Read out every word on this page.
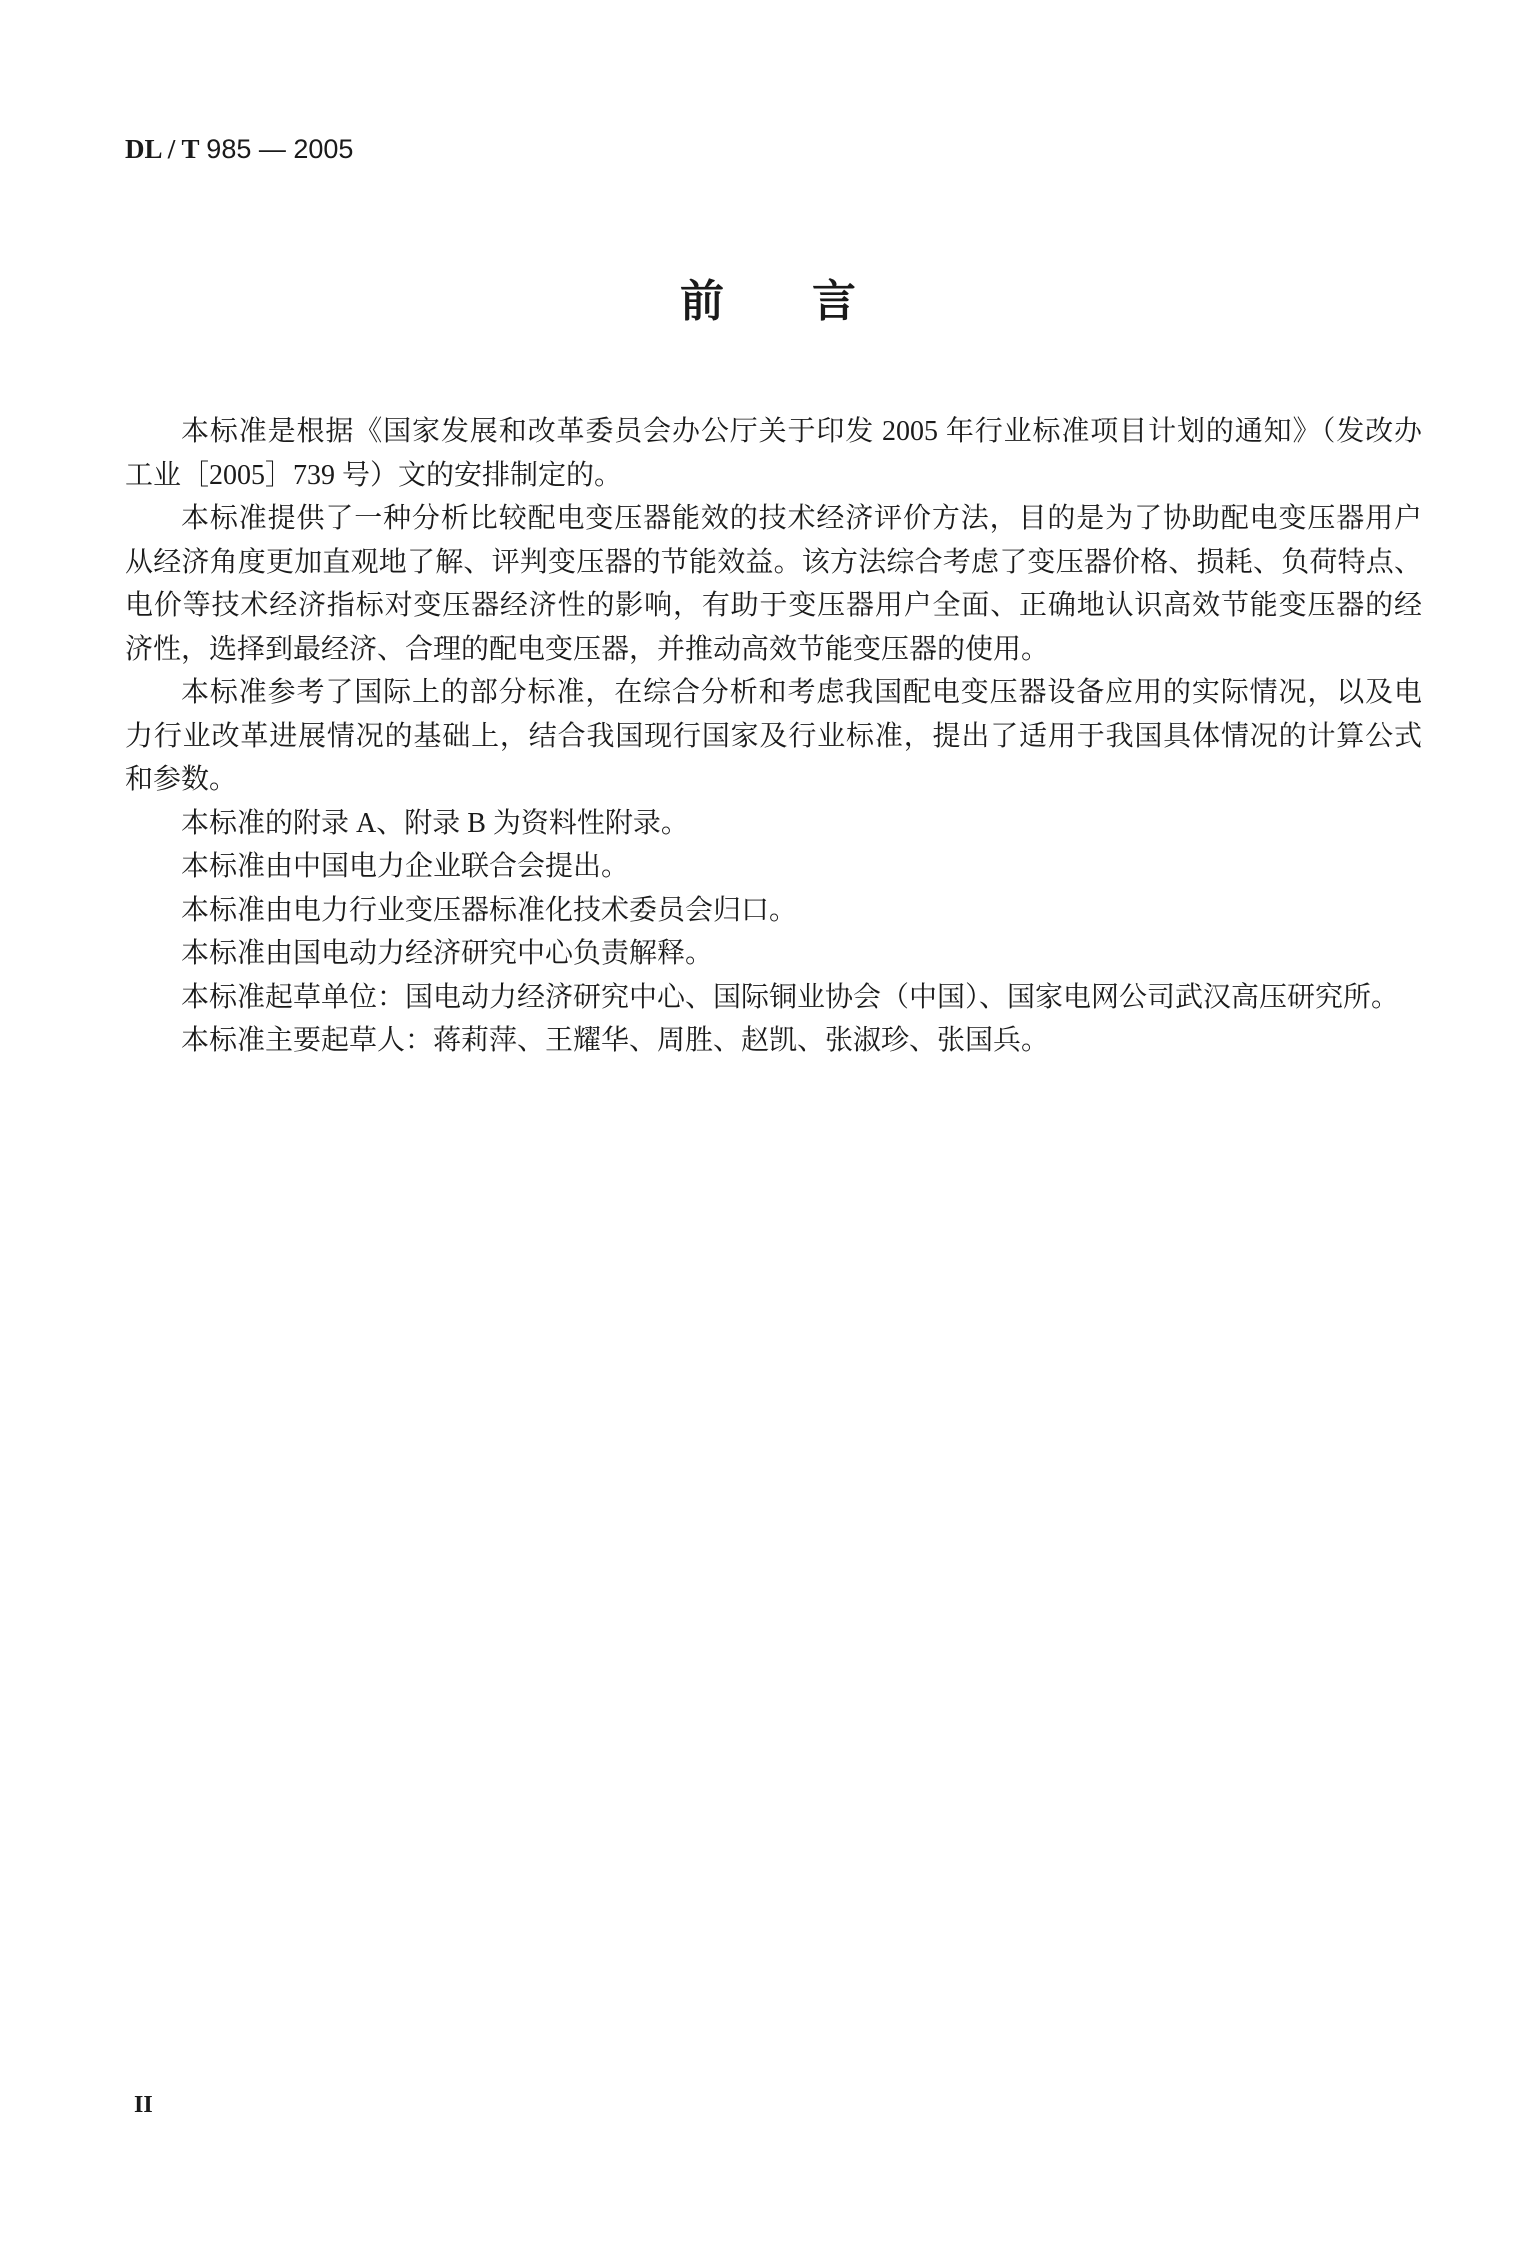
DL / T 985 — 2005
前　　言
本标准是根据《国家发展和改革委员会办公厅关于印发 2005 年行业标准项目计划的通知》（发改办
工业［2005］739 号）文的安排制定的。
本标准提供了一种分析比较配电变压器能效的技术经济评价方法，目的是为了协助配电变压器用户
从经济角度更加直观地了解、评判变压器的节能效益。该方法综合考虑了变压器价格、损耗、负荷特点、
电价等技术经济指标对变压器经济性的影响，有助于变压器用户全面、正确地认识高效节能变压器的经
济性，选择到最经济、合理的配电变压器，并推动高效节能变压器的使用。
本标准参考了国际上的部分标准，在综合分析和考虑我国配电变压器设备应用的实际情况，以及电
力行业改革进展情况的基础上，结合我国现行国家及行业标准，提出了适用于我国具体情况的计算公式
和参数。
本标准的附录 A、附录 B 为资料性附录。
本标准由中国电力企业联合会提出。
本标准由电力行业变压器标准化技术委员会归口。
本标准由国电动力经济研究中心负责解释。
本标准起草单位：国电动力经济研究中心、国际铜业协会（中国）、国家电网公司武汉高压研究所。
本标准主要起草人：蒋莉萍、王耀华、周胜、赵凯、张淑珍、张国兵。
II
